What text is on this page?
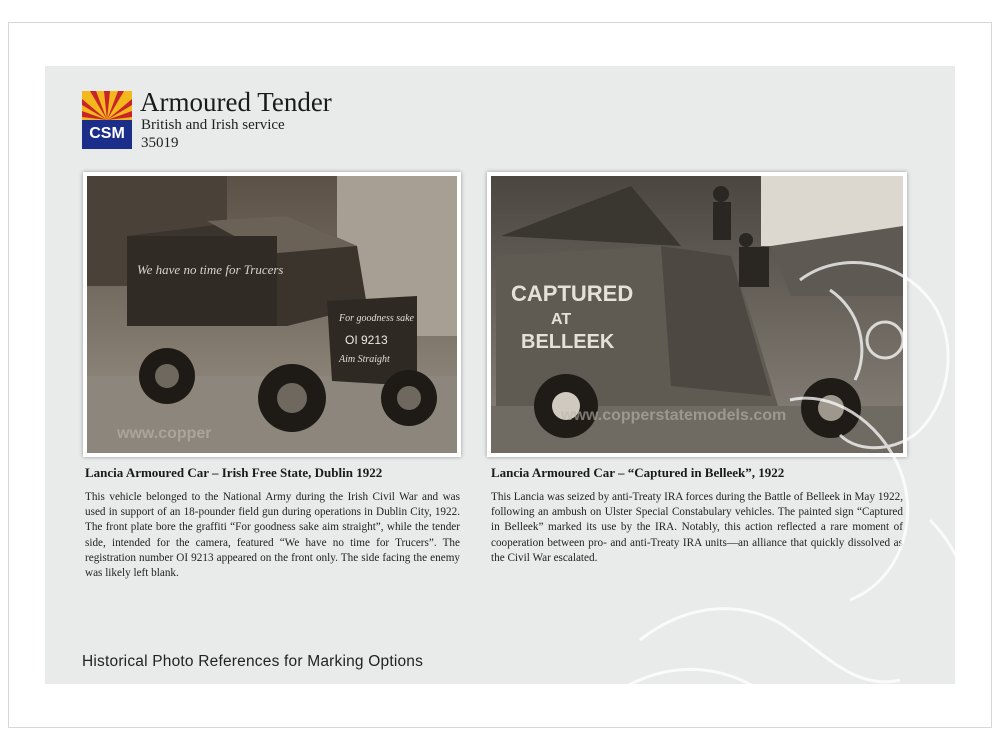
CSM
Armoured Tender
British and Irish service
35019
We have no time for Trucers
For goodness sake
OI 9213
Aim Straight
www.copper
CAPTURED
AT
BELLEEK
www.copperstatemodels.com
Lancia Armoured Car – Irish Free State, Dublin 1922
This vehicle belonged to the National Army during the Irish Civil War and was used in support of an 18-pounder field gun during operations in Dublin City, 1922. The front plate bore the graffiti “For goodness sake aim straight”, while the tender side, intended for the camera, featured “We have no time for Trucers”. The registration number OI 9213 appeared on the front only. The side facing the enemy was likely left blank.
Lancia Armoured Car – “Captured in Belleek”, 1922
This Lancia was seized by anti-Treaty IRA forces during the Battle of Belleek in May 1922, following an ambush on Ulster Special Constabulary vehicles. The painted sign “Captured in Belleek” marked its use by the IRA. Notably, this action reflected a rare moment of cooperation between pro- and anti-Treaty IRA units—an alliance that quickly dissolved as the Civil War escalated.
Historical Photo References for Marking Options
